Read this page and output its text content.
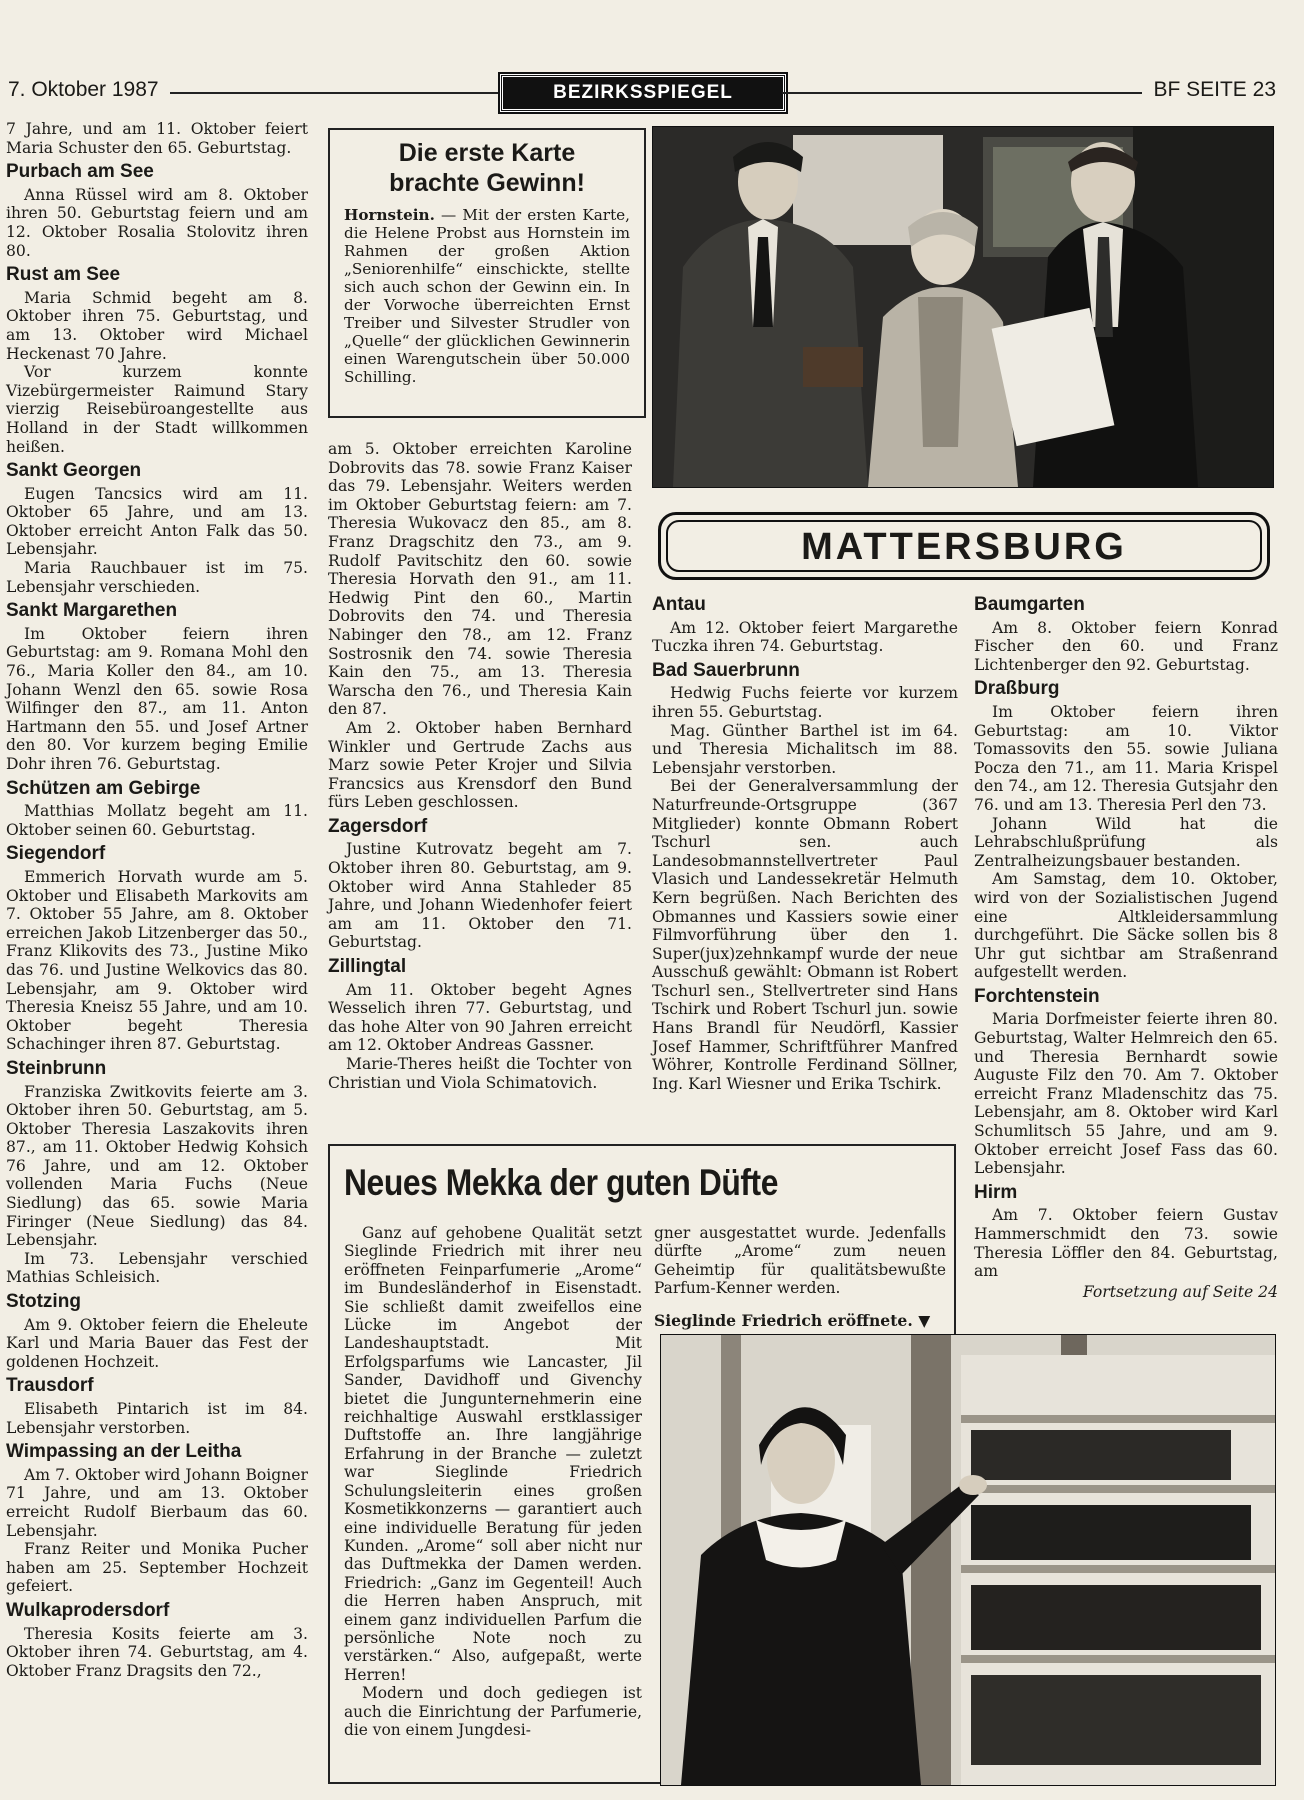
7. Oktober 1987	BEZIRKSSPIEGEL	BF SEITE 23

7 Jahre, und am 11. Oktober feiert Maria Schuster den 65. Geburtstag.

Purbach am See

Anna Rüssel wird am 8. Oktober ihren 50. Geburtstag feiern und am 12. Oktober Rosalia Stolovitz ihren 80.

Rust am See

Maria Schmid begeht am 8. Oktober ihren 75. Geburtstag, und am 13. Oktober wird Michael Heckenast 70 Jahre.

Vor kurzem konnte Vizebürgermeister Raimund Stary vierzig Reisebüroangestellte aus Holland in der Stadt willkommen heißen.

Sankt Georgen

Eugen Tancsics wird am 11. Oktober 65 Jahre, und am 13. Oktober erreicht Anton Falk das 50. Lebensjahr.

Maria Rauchbauer ist im 75. Lebensjahr verschieden.

Sankt Margarethen

Im Oktober feiern ihren Geburtstag: am 9. Romana Mohl den 76., Maria Koller den 84., am 10. Johann Wenzl den 65. sowie Rosa Wilfinger den 87., am 11. Anton Hartmann den 55. und Josef Artner den 80. Vor kurzem beging Emilie Dohr ihren 76. Geburtstag.

Schützen am Gebirge

Matthias Mollatz begeht am 11. Oktober seinen 60. Geburtstag.

Siegendorf

Emmerich Horvath wurde am 5. Oktober und Elisabeth Markovits am 7. Oktober 55 Jahre, am 8. Oktober erreichen Jakob Litzenberger das 50., Franz Klikovits des 73., Justine Miko das 76. und Justine Welkovics das 80. Lebensjahr, am 9. Oktober wird Theresia Kneisz 55 Jahre, und am 10. Oktober begeht Theresia Schachinger ihren 87. Geburtstag.

Steinbrunn

Franziska Zwitkovits feierte am 3. Oktober ihren 50. Geburtstag, am 5. Oktober Theresia Laszakovits ihren 87., am 11. Oktober Hedwig Kohsich 76 Jahre, und am 12. Oktober vollenden Maria Fuchs (Neue Siedlung) das 65. sowie Maria Firinger (Neue Siedlung) das 84. Lebensjahr.

Im 73. Lebensjahr verschied Mathias Schleisich.

Stotzing

Am 9. Oktober feiern die Eheleute Karl und Maria Bauer das Fest der goldenen Hochzeit.

Trausdorf

Elisabeth Pintarich ist im 84. Lebensjahr verstorben.

Wimpassing an der Leitha

Am 7. Oktober wird Johann Boigner 71 Jahre, und am 13. Oktober erreicht Rudolf Bierbaum das 60. Lebensjahr.

Franz Reiter und Monika Pucher haben am 25. September Hochzeit gefeiert.

Wulkaprodersdorf

Theresia Kosits feierte am 3. Oktober ihren 74. Geburtstag, am 4. Oktober Franz Dragsits den 72.,

Die erste Karte
brachte Gewinn!
Hornstein. — Mit der ersten Karte, die Helene Probst aus Hornstein im Rahmen der großen Aktion „Seniorenhilfe“ einschickte, stellte sich auch schon der Gewinn ein. In der Vorwoche überreichten Ernst Treiber und Silvester Strudler von „Quelle“ der glücklichen Gewinnerin einen Warengutschein über 50.000 Schilling.

am 5. Oktober erreichten Karoline Dobrovits das 78. sowie Franz Kaiser das 79. Lebensjahr. Weiters werden im Oktober Geburtstag feiern: am 7. Theresia Wukovacz den 85., am 8. Franz Dragschitz den 73., am 9. Rudolf Pavitschitz den 60. sowie Theresia Horvath den 91., am 11. Hedwig Pint den 60., Martin Dobrovits den 74. und Theresia Nabinger den 78., am 12. Franz Sostrosnik den 74. sowie Theresia Kain den 75., am 13. Theresia Warscha den 76., und Theresia Kain den 87.

Am 2. Oktober haben Bernhard Winkler und Gertrude Zachs aus Marz sowie Peter Krojer und Silvia Francsics aus Krensdorf den Bund fürs Leben geschlossen.

Zagersdorf

Justine Kutrovatz begeht am 7. Oktober ihren 80. Geburtstag, am 9. Oktober wird Anna Stahleder 85 Jahre, und Johann Wiedenhofer feiert am am 11. Oktober den 71. Geburtstag.

Zillingtal

Am 11. Oktober begeht Agnes Wesselich ihren 77. Geburtstag, und das hohe Alter von 90 Jahren erreicht am 12. Oktober Andreas Gassner.

Marie-Theres heißt die Tochter von Christian und Viola Schimatovich.

MATTERSBURG
Antau

Am 12. Oktober feiert Margarethe Tuczka ihren 74. Geburtstag.

Bad Sauerbrunn

Hedwig Fuchs feierte vor kurzem ihren 55. Geburtstag.

Mag. Günther Barthel ist im 64. und Theresia Michalitsch im 88. Lebensjahr verstorben.

Bei der Generalversammlung der Naturfreunde-Ortsgruppe (367 Mitglieder) konnte Obmann Robert Tschurl sen. auch Landesobmannstellvertreter Paul Vlasich und Landessekretär Helmuth Kern begrüßen. Nach Berichten des Obmannes und Kassiers sowie einer Filmvorführung über den 1. Super(jux)zehnkampf wurde der neue Ausschuß gewählt: Obmann ist Robert Tschurl sen., Stellvertreter sind Hans Tschirk und Robert Tschurl jun. sowie Hans Brandl für Neudörfl, Kassier Josef Hammer, Schriftführer Manfred Wöhrer, Kontrolle Ferdinand Söllner, Ing. Karl Wiesner und Erika Tschirk.

Baumgarten

Am 8. Oktober feiern Konrad Fischer den 60. und Franz Lichtenberger den 92. Geburtstag.

Draßburg

Im Oktober feiern ihren Geburtstag: am 10. Viktor Tomassovits den 55. sowie Juliana Pocza den 71., am 11. Maria Krispel den 74., am 12. Theresia Gutsjahr den 76. und am 13. Theresia Perl den 73.

Johann Wild hat die Lehrabschlußprüfung als Zentralheizungsbauer bestanden.

Am Samstag, dem 10. Oktober, wird von der Sozialistischen Jugend eine Altkleidersammlung durchgeführt. Die Säcke sollen bis 8 Uhr gut sichtbar am Straßenrand aufgestellt werden.

Forchtenstein

Maria Dorfmeister feierte ihren 80. Geburtstag, Walter Helmreich den 65. und Theresia Bernhardt sowie Auguste Filz den 70. Am 7. Oktober erreicht Franz Mladenschitz das 75. Lebensjahr, am 8. Oktober wird Karl Schumlitsch 55 Jahre, und am 9. Oktober erreicht Josef Fass das 60. Lebensjahr.

Hirm

Am 7. Oktober feiern Gustav Hammerschmidt den 73. sowie Theresia Löffler den 84. Geburtstag, am

Fortsetzung auf Seite 24

Neues Mekka der guten Düfte

Ganz auf gehobene Qualität setzt Sieglinde Friedrich mit ihrer neu eröffneten Feinparfumerie „Arome“ im Bundesländerhof in Eisenstadt. Sie schließt damit zweifellos eine Lücke im Angebot der Landeshauptstadt. Mit Erfolgsparfums wie Lancaster, Jil Sander, Davidhoff und Givenchy bietet die Jungunternehmerin eine reichhaltige Auswahl erstklassiger Duftstoffe an. Ihre langjährige Erfahrung in der Branche — zuletzt war Sieglinde Friedrich Schulungsleiterin eines großen Kosmetikkonzerns — garantiert auch eine individuelle Beratung für jeden Kunden. „Arome“ soll aber nicht nur das Duftmekka der Damen werden. Friedrich: „Ganz im Gegenteil! Auch die Herren haben Anspruch, mit einem ganz individuellen Parfum die persönliche Note noch zu verstärken.“ Also, aufgepaßt, werte Herren!

Modern und doch gediegen ist auch die Einrichtung der Parfumerie, die von einem Jungdesi-

gner ausgestattet wurde. Jedenfalls dürfte „Arome“ zum neuen Geheimtip für qualitätsbewußte Parfum-Kenner werden.

Sieglinde Friedrich eröffnete. ▼
